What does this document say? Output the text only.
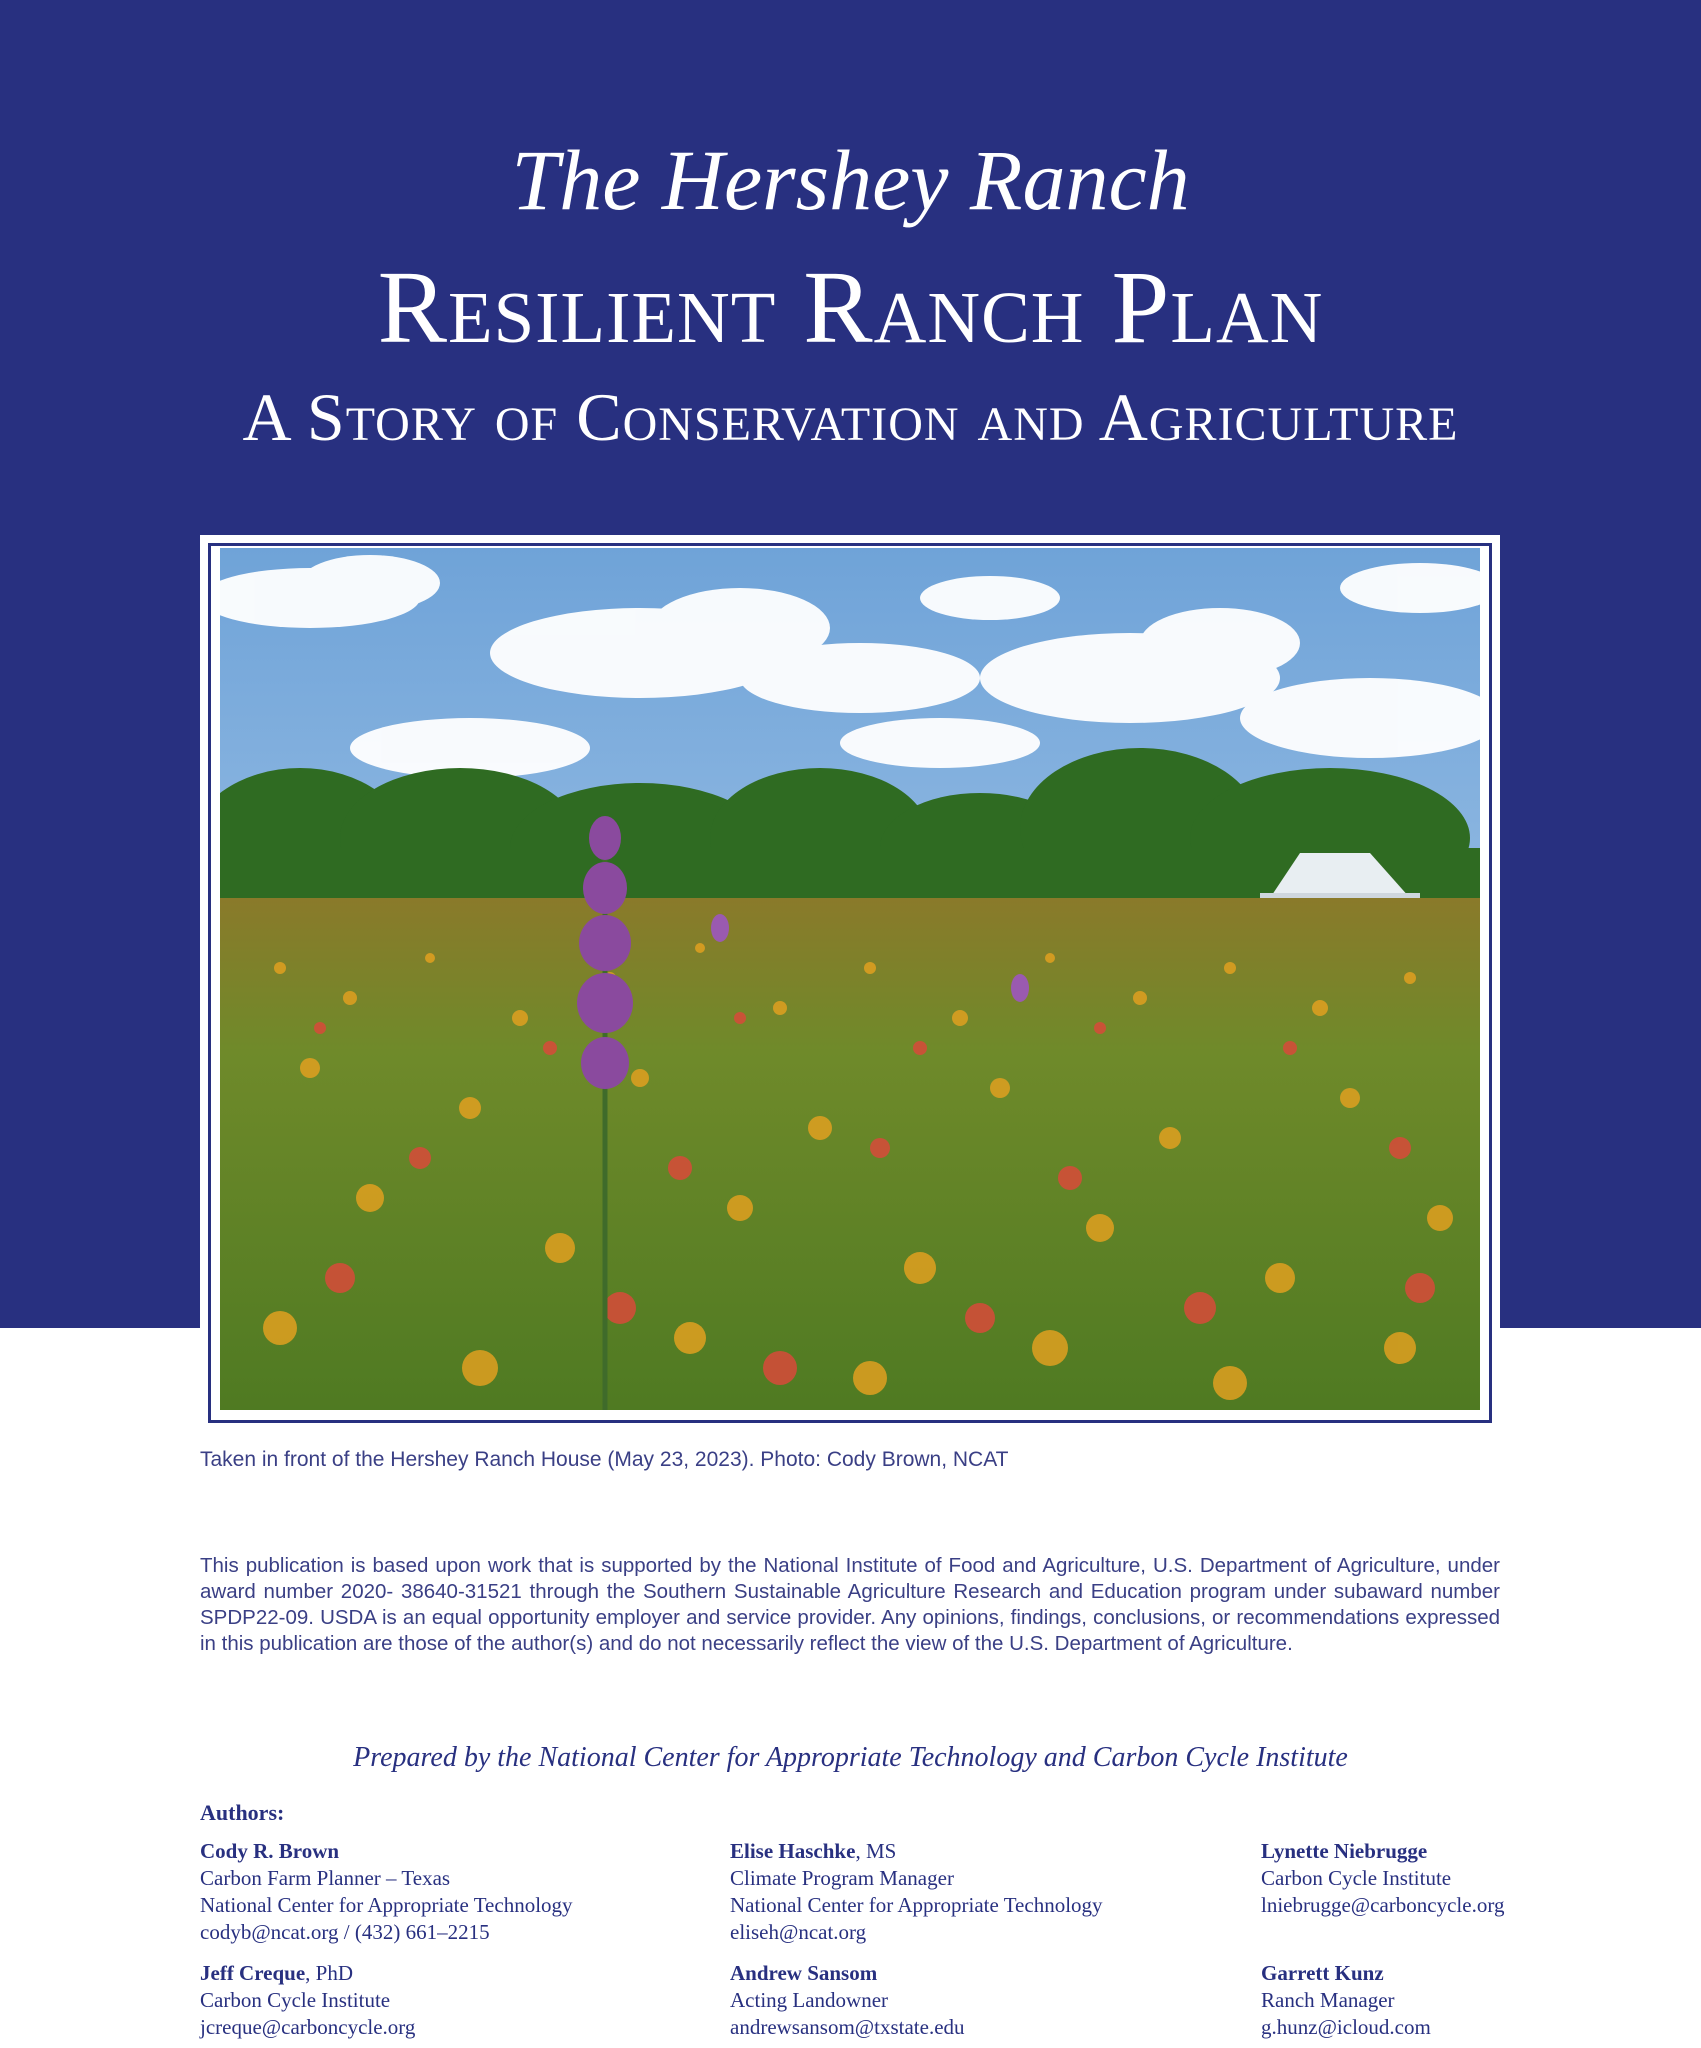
The Hershey Ranch
Resilient Ranch Plan
A Story of Conservation and Agriculture
Taken in front of the Hershey Ranch House (May 23, 2023). Photo: Cody Brown, NCAT
This publication is based upon work that is supported by the National Institute of Food and Agriculture, U.S. Department of Agriculture, under award number 2020- 38640-31521 through the Southern Sustainable Agriculture Research and Education program under subaward number SPDP22-09. USDA is an equal opportunity employer and service provider. Any opinions, findings, conclusions, or recommendations expressed in this publication are those of the author(s) and do not necessarily reflect the view of the U.S. Department of Agriculture.
Prepared by the National Center for Appropriate Technology and Carbon Cycle Institute
Authors:
Cody R. Brown
Carbon Farm Planner – Texas
National Center for Appropriate Technology
codyb@ncat.org / (432) 661–2215
Elise Haschke, MS
Climate Program Manager
National Center for Appropriate Technology
eliseh@ncat.org
Lynette Niebrugge
Carbon Cycle Institute
lniebrugge@carboncycle.org
Jeff Creque, PhD
Carbon Cycle Institute
jcreque@carboncycle.org
Andrew Sansom
Acting Landowner
andrewsansom@txstate.edu
Garrett Kunz
Ranch Manager
g.hunz@icloud.com
